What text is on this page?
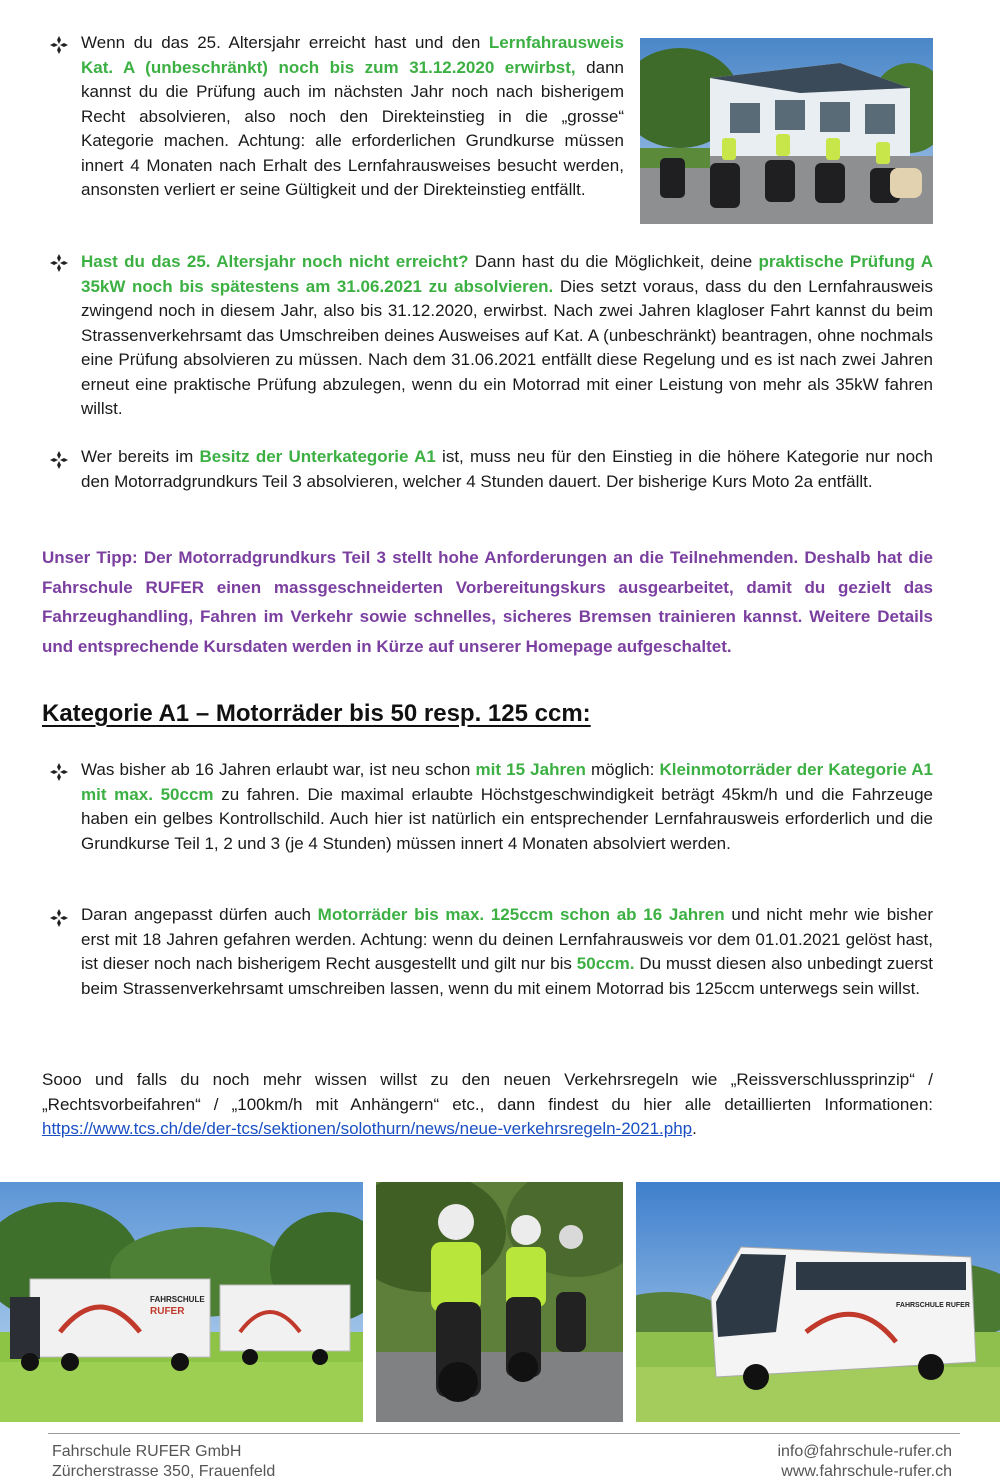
Wenn du das 25. Altersjahr erreicht hast und den Lernfahrausweis Kat. A (unbeschränkt) noch bis zum 31.12.2020 erwirbst, dann kannst du die Prüfung auch im nächsten Jahr noch nach bisherigem Recht absolvieren, also noch den Direkteinstieg in die „grosse“ Kategorie machen. Achtung: alle erforderlichen Grundkurse müssen innert 4 Monaten nach Erhalt des Lernfahrausweises besucht werden, ansonsten verliert er seine Gültigkeit und der Direkteinstieg entfällt.

Hast du das 25. Altersjahr noch nicht erreicht? Dann hast du die Möglichkeit, deine praktische Prüfung A 35kW noch bis spätestens am 31.06.2021 zu absolvieren. Dies setzt voraus, dass du den Lernfahrausweis zwingend noch in diesem Jahr, also bis 31.12.2020, erwirbst. Nach zwei Jahren klagloser Fahrt kannst du beim Strassenverkehrsamt das Umschreiben deines Ausweises auf Kat. A (unbeschränkt) beantragen, ohne nochmals eine Prüfung absolvieren zu müssen. Nach dem 31.06.2021 entfällt diese Regelung und es ist nach zwei Jahren erneut eine praktische Prüfung abzulegen, wenn du ein Motorrad mit einer Leistung von mehr als 35kW fahren willst.

Wer bereits im Besitz der Unterkategorie A1 ist, muss neu für den Einstieg in die höhere Kategorie nur noch den Motorradgrundkurs Teil 3 absolvieren, welcher 4 Stunden dauert. Der bisherige Kurs Moto 2a entfällt.

Unser Tipp: Der Motorradgrundkurs Teil 3 stellt hohe Anforderungen an die Teilnehmenden. Deshalb hat die Fahrschule RUFER einen massgeschneiderten Vorbereitungskurs ausgearbeitet, damit du gezielt das Fahrzeughandling, Fahren im Verkehr sowie schnelles, sicheres Bremsen trainieren kannst. Weitere Details und entsprechende Kursdaten werden in Kürze auf unserer Homepage aufgeschaltet.

Kategorie A1 – Motorräder bis 50 resp. 125 ccm:

Was bisher ab 16 Jahren erlaubt war, ist neu schon mit 15 Jahren möglich: Kleinmotorräder der Kategorie A1 mit max. 50ccm zu fahren. Die maximal erlaubte Höchstgeschwindigkeit beträgt 45km/h und die Fahrzeuge haben ein gelbes Kontrollschild. Auch hier ist natürlich ein entsprechender Lernfahrausweis erforderlich und die Grundkurse Teil 1, 2 und 3 (je 4 Stunden) müssen innert 4 Monaten absolviert werden.

Daran angepasst dürfen auch Motorräder bis max. 125ccm schon ab 16 Jahren und nicht mehr wie bisher erst mit 18 Jahren gefahren werden. Achtung: wenn du deinen Lernfahrausweis vor dem 01.01.2021 gelöst hast, ist dieser noch nach bisherigem Recht ausgestellt und gilt nur bis 50ccm. Du musst diesen also unbedingt zuerst beim Strassenverkehrsamt umschreiben lassen, wenn du mit einem Motorrad bis 125ccm unterwegs sein willst.

Sooo und falls du noch mehr wissen willst zu den neuen Verkehrsregeln wie „Reissverschlussprinzip“ / „Rechtsvorbeifahren“ / „100km/h mit Anhängern“ etc., dann findest du hier alle detaillierten Informationen: https://www.tcs.ch/de/der-tcs/sektionen/solothurn/news/neue-verkehrsregeln-2021.php.

FAHRSCHULE
RUFER
FAHRSCHULE RUFER
Fahrschule RUFER GmbH
Zürcherstrasse 350, Frauenfeld
info@fahrschule-rufer.ch
www.fahrschule-rufer.ch
